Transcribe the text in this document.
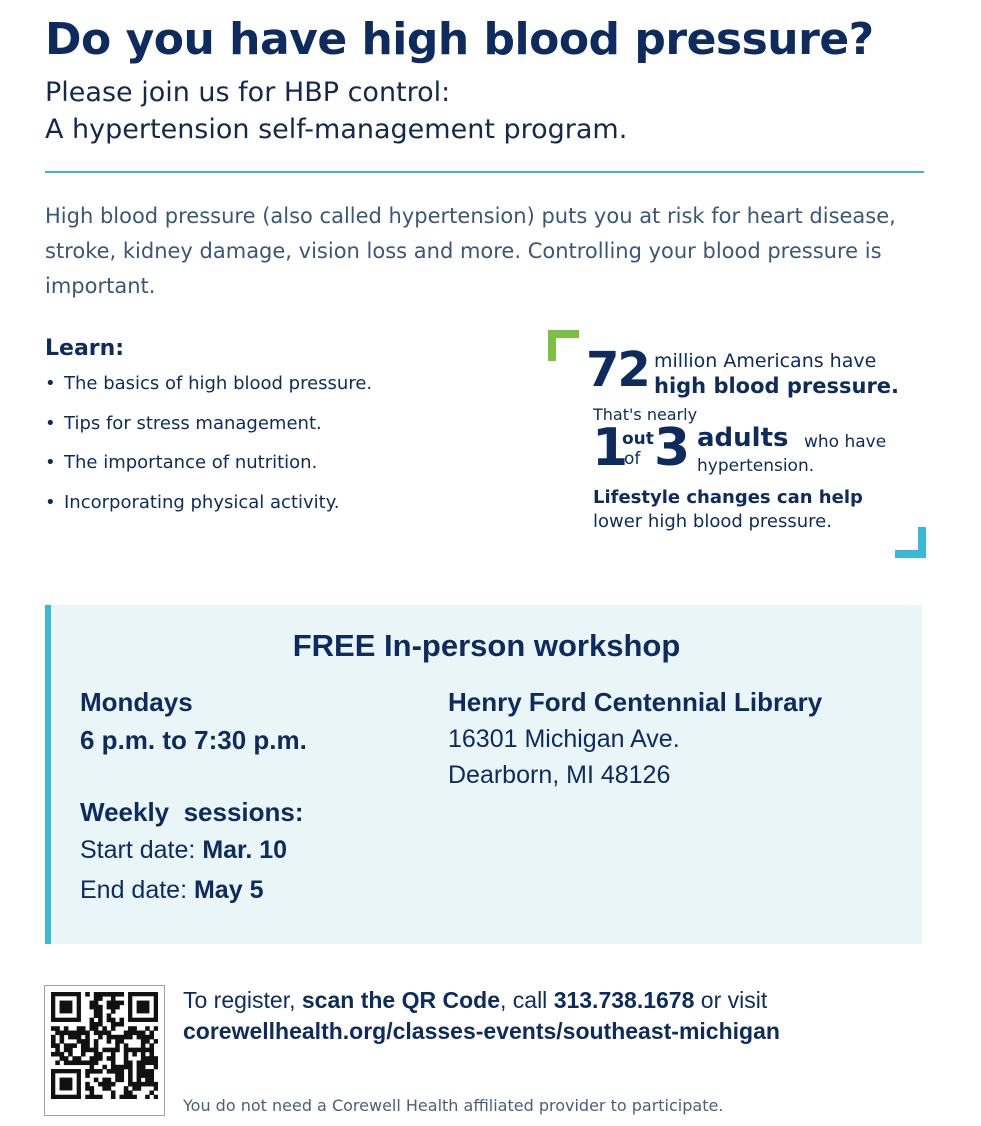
Do you have high blood pressure?
Please join us for HBP control:
A hypertension self-management program.
High blood pressure (also called hypertension) puts you at risk for heart disease, stroke, kidney damage, vision loss and more. Controlling your blood pressure is important.
Learn:
• The basics of high blood pressure.
• Tips for stress management.
• The importance of nutrition.
• Incorporating physical activity.
72 million Americans have
high blood pressure.
That's nearly
1
out
of 3 adults who have
hypertension.
Lifestyle changes can help
lower high blood pressure.
FREE In-person workshop
Mondays
6 p.m. to 7:30 p.m.
Weekly  sessions:
Start date: Mar. 10
End date: May 5
Henry Ford Centennial Library
16301 Michigan Ave.
Dearborn, MI 48126
To register, scan the QR Code, call 313.738.1678 or visit
corewellhealth.org/classes-events/southeast-michigan
You do not need a Corewell Health affiliated provider to participate.
